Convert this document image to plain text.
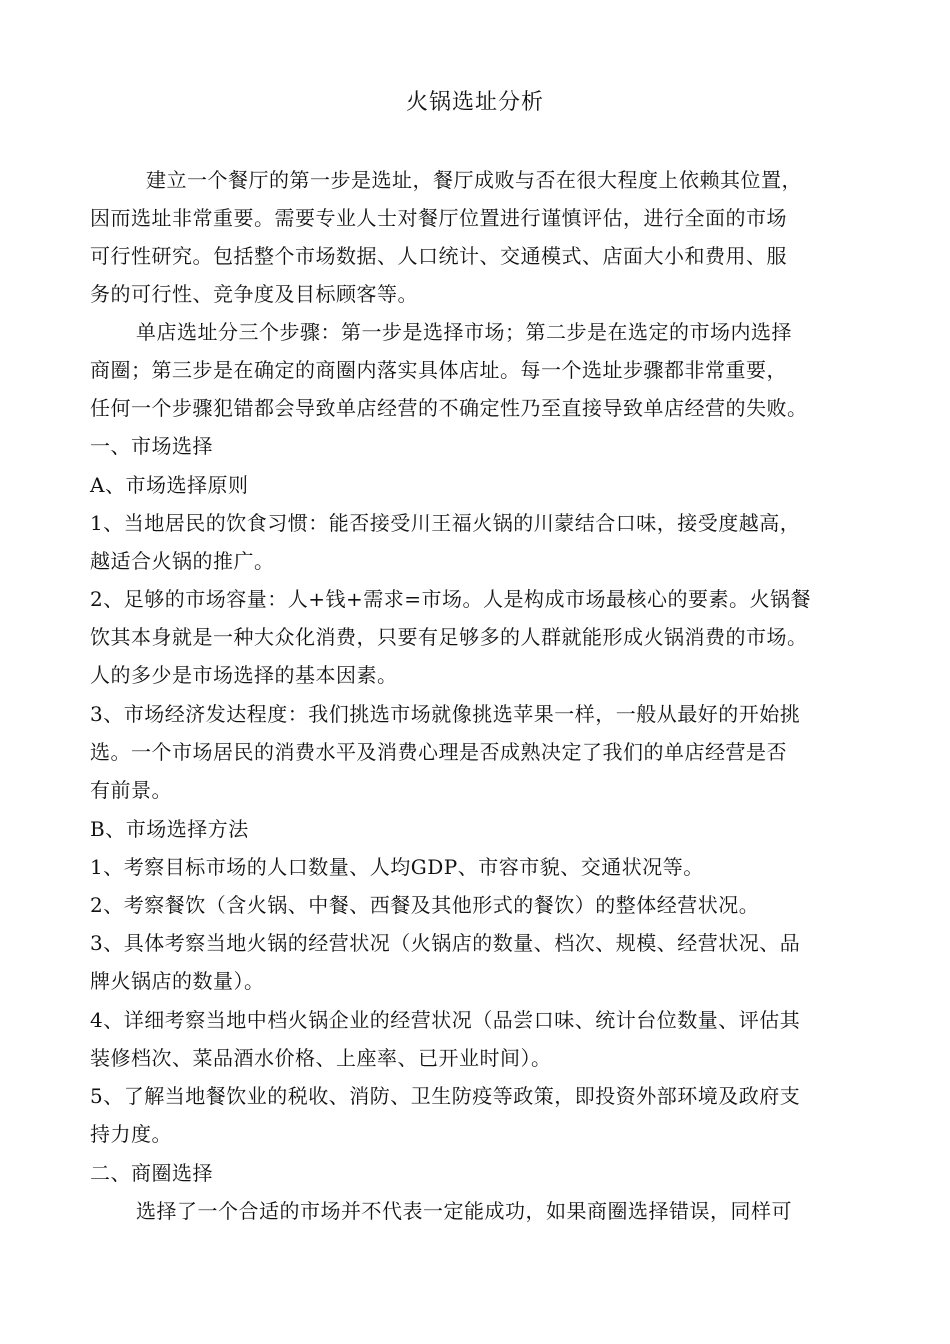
火锅选址分析
建立一个餐厅的第一步是选址，餐厅成败与否在很大程度上依赖其位置，
因而选址非常重要。需要专业人士对餐厅位置进行谨慎评估，进行全面的市场
可行性研究。包括整个市场数据、人口统计、交通模式、店面大小和费用、服
务的可行性、竞争度及目标顾客等。
单店选址分三个步骤：第一步是选择市场；第二步是在选定的市场内选择
商圈；第三步是在确定的商圈内落实具体店址。每一个选址步骤都非常重要，
任何一个步骤犯错都会导致单店经营的不确定性乃至直接导致单店经营的失败。
一、市场选择
A、市场选择原则
1、当地居民的饮食习惯：能否接受川王福火锅的川蒙结合口味，接受度越高，
越适合火锅的推广。
2、足够的市场容量：人+钱+需求=市场。人是构成市场最核心的要素。火锅餐
饮其本身就是一种大众化消费，只要有足够多的人群就能形成火锅消费的市场。
人的多少是市场选择的基本因素。
3、市场经济发达程度：我们挑选市场就像挑选苹果一样，一般从最好的开始挑
选。一个市场居民的消费水平及消费心理是否成熟决定了我们的单店经营是否
有前景。
B、市场选择方法
1、考察目标市场的人口数量、人均GDP、市容市貌、交通状况等。
2、考察餐饮（含火锅、中餐、西餐及其他形式的餐饮）的整体经营状况。
3、具体考察当地火锅的经营状况（火锅店的数量、档次、规模、经营状况、品
牌火锅店的数量）。
4、详细考察当地中档火锅企业的经营状况（品尝口味、统计台位数量、评估其
装修档次、菜品酒水价格、上座率、已开业时间）。
5、了解当地餐饮业的税收、消防、卫生防疫等政策，即投资外部环境及政府支
持力度。
二、商圈选择
选择了一个合适的市场并不代表一定能成功，如果商圈选择错误，同样可
